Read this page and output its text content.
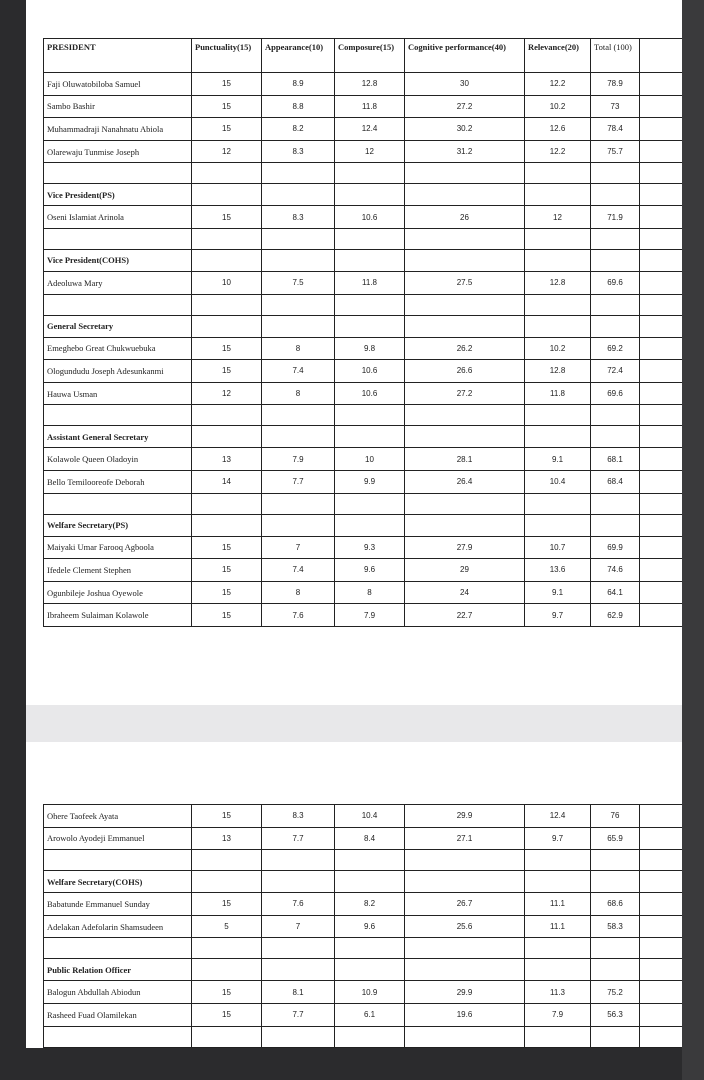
PRESIDENT	Punctuality(15)	Appearance(10)	Composure(15)	Cognitive performance(40)	Relevance(20)	Total (100)	
Faji Oluwatobiloba Samuel	15	8.9	12.8	30	12.2	78.9	
Sambo Bashir	15	8.8	11.8	27.2	10.2	73	
Muhammadraji Nanahnatu Abiola	15	8.2	12.4	30.2	12.6	78.4	
Olarewaju Tunmise Joseph	12	8.3	12	31.2	12.2	75.7	

Vice President(PS)							
Oseni Islamiat Arinola	15	8.3	10.6	26	12	71.9	

Vice President(COHS)							
Adeoluwa Mary	10	7.5	11.8	27.5	12.8	69.6	

General Secretary							
Emeghebo Great Chukwuebuka	15	8	9.8	26.2	10.2	69.2	
Ologundudu Joseph Adesunkanmi	15	7.4	10.6	26.6	12.8	72.4	
Hauwa Usman	12	8	10.6	27.2	11.8	69.6	

Assistant General Secretary							
Kolawole Queen Oladoyin	13	7.9	10	28.1	9.1	68.1	
Bello Temilooreofe Deborah	14	7.7	9.9	26.4	10.4	68.4	

Welfare Secretary(PS)							
Maiyaki Umar Farooq Agboola	15	7	9.3	27.9	10.7	69.9	
Ifedele Clement Stephen	15	7.4	9.6	29	13.6	74.6	
Ogunbileje Joshua Oyewole	15	8	8	24	9.1	64.1	
Ibraheem Sulaiman Kolawole	15	7.6	7.9	22.7	9.7	62.9	
Ohere Taofeek Ayata	15	8.3	10.4	29.9	12.4	76	
Arowolo Ayodeji Emmanuel	13	7.7	8.4	27.1	9.7	65.9	

Welfare Secretary(COHS)							
Babatunde Emmanuel Sunday	15	7.6	8.2	26.7	11.1	68.6	
Adelakan Adefolarin Shamsudeen	5	7	9.6	25.6	11.1	58.3	

Public Relation Officer							
Balogun Abdullah Abiodun	15	8.1	10.9	29.9	11.3	75.2	
Rasheed Fuad Olamilekan	15	7.7	6.1	19.6	7.9	56.3	
